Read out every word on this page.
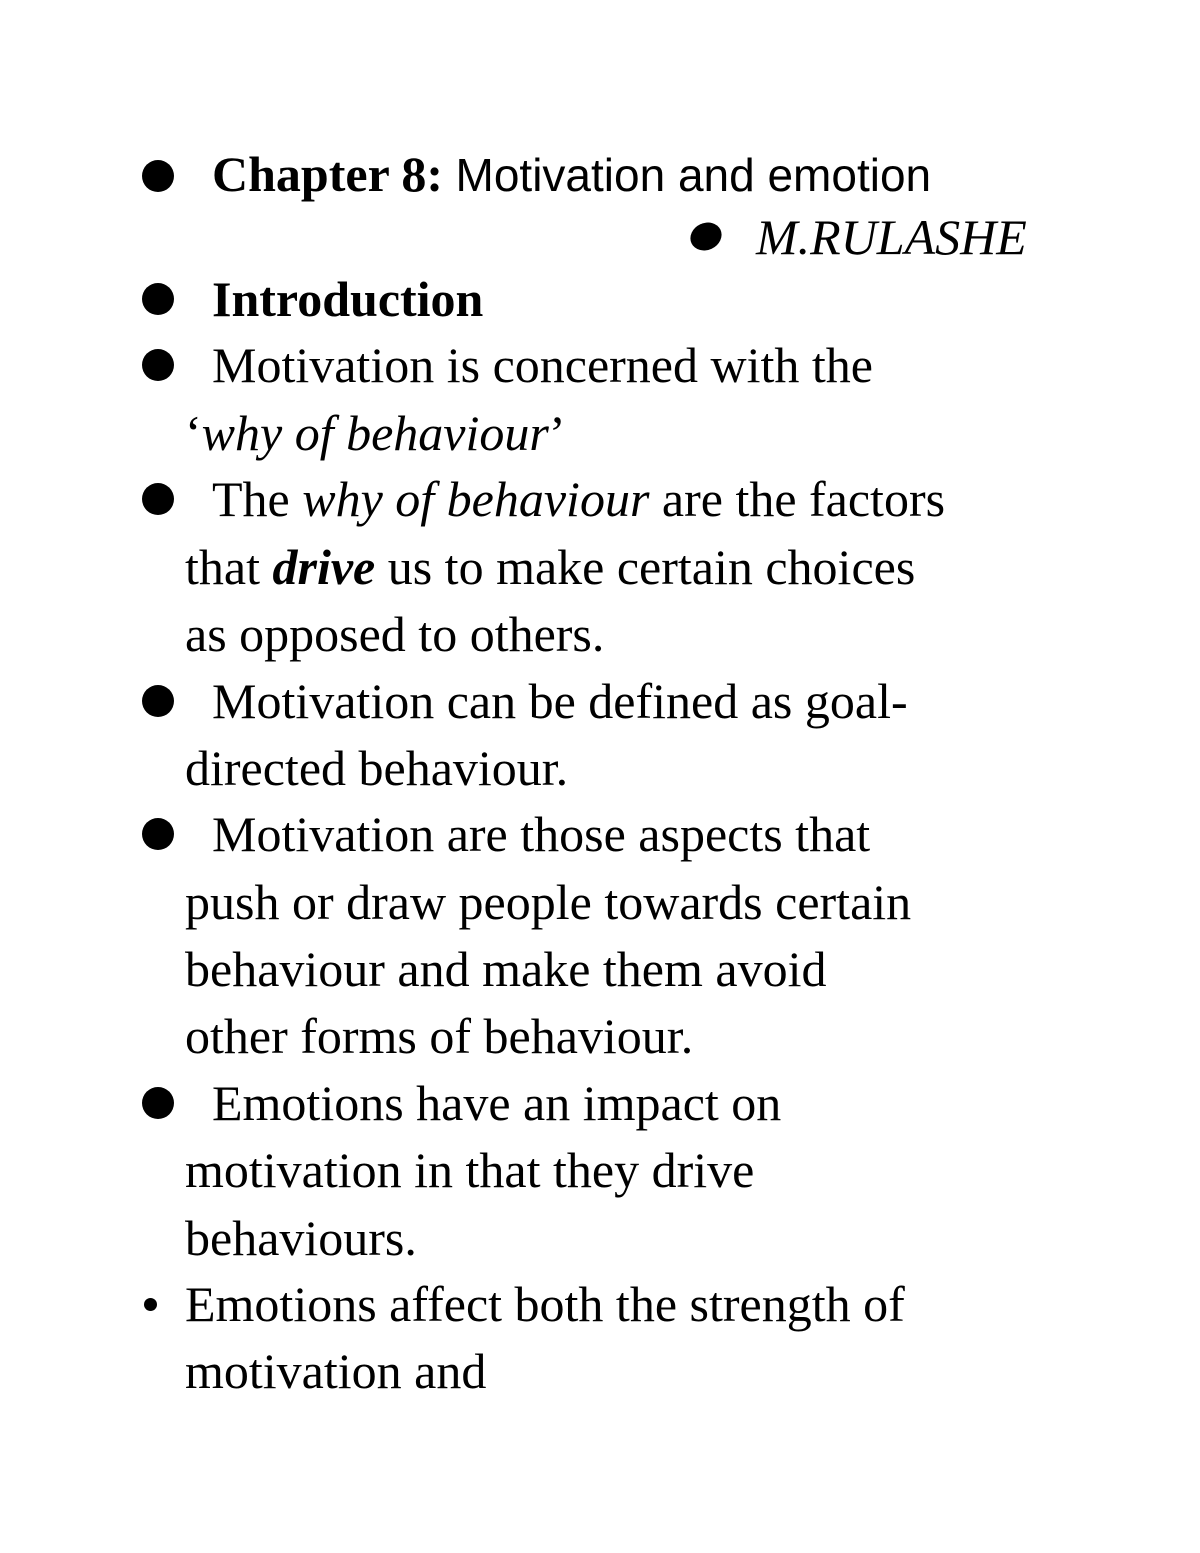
Chapter 8: Motivation and emotion
M.RULASHE
Introduction
Motivation is concerned with the
‘why of behaviour’
The why of behaviour are the factors
that drive us to make certain choices
as opposed to others.
Motivation can be defined as goal-
directed behaviour.
Motivation are those aspects that
push or draw people towards certain
behaviour and make them avoid
other forms of behaviour.
Emotions have an impact on
motivation in that they drive
behaviours.
Emotions affect both the strength of
motivation and
